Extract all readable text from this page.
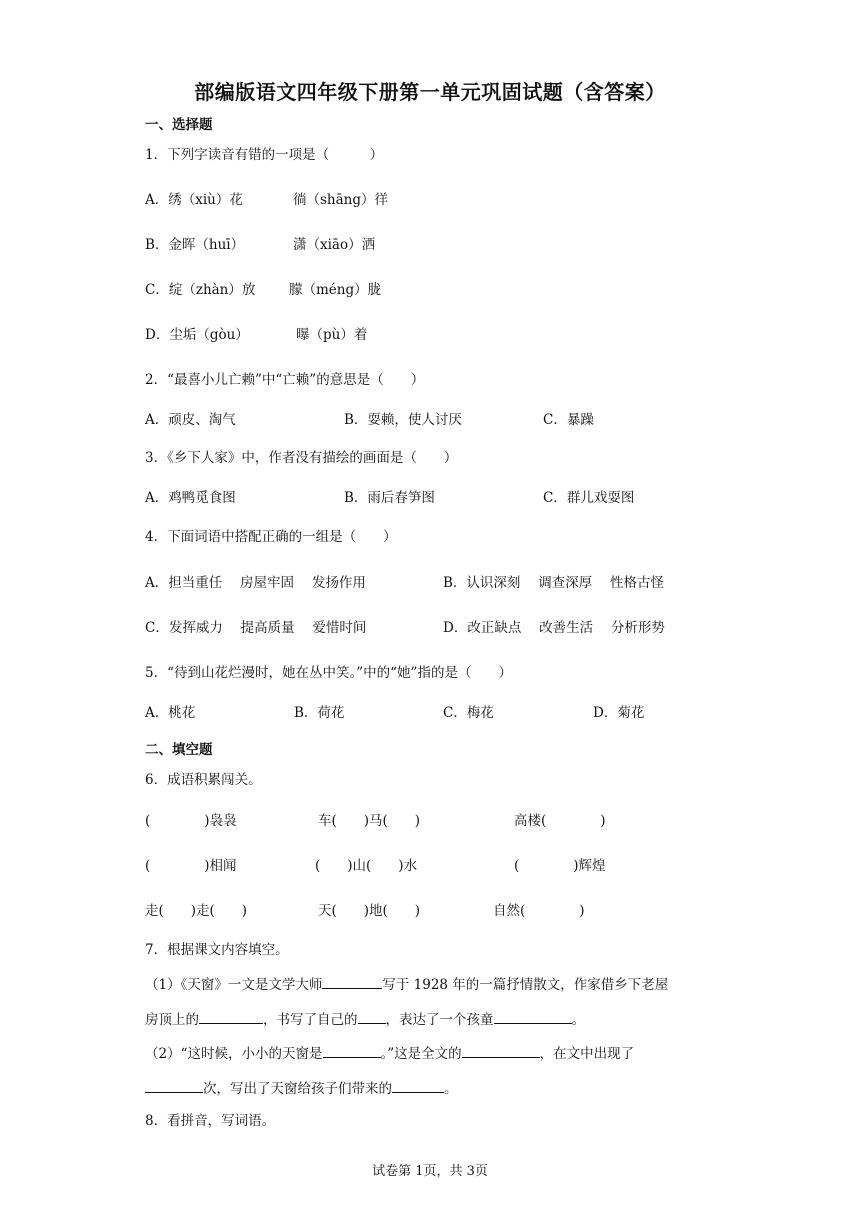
部编版语文四年级下册第一单元巩固试题（含答案）
一、选择题
1．下列字读音有错的一项是（　　　）
A．绣（xiù）花	徜（shāng）徉
B．金晖（huī）	潇（xiāo）洒
C．绽（zhàn）放 朦（méng）胧
D．尘垢（gòu）	曝（pù）着
2．“最喜小儿亡赖”中“亡赖”的意思是（　　）
A．顽皮、淘气	B．耍赖，使人讨厌	C．暴躁
3．《乡下人家》中，作者没有描绘的画面是（　　）
A．鸡鸭觅食图	B．雨后春笋图	C．群儿戏耍图
4．下面词语中搭配正确的一组是（　　）
A．担当重任　 房屋牢固　 发扬作用	B．认识深刻　 调查深厚　 性格古怪
C．发挥威力　 提高质量　 爱惜时间	D．改正缺点　 改善生活　 分析形势
5．“待到山花烂漫时，她在丛中笑。”中的“她”指的是（　　）
A．桃花	B．荷花	C．梅花	D．菊花
二、填空题
6．成语积累闯关。
(　　　　)袅袅	车(　　)马(　　)	高楼(　　　　)
(　　　　)相闻	(　　)山(　　)水	(　　　　)辉煌
走(　　)走(　　)	天(　　)地(　　)	自然(　　　　)
7．根据课文内容填空。
（1）《天窗》一文是文学大师	写于 1928 年的一篇抒情散文，作家借乡下老屋
房顶上的	，书写了自己的 ，表达了一个孩童	。
（2）“这时候，小小的天窗是	。”这是全文的	，在文中出现了
次，写出了天窗给孩子们带来的	。
8．看拼音，写词语。
试卷第 1页，共 3页
